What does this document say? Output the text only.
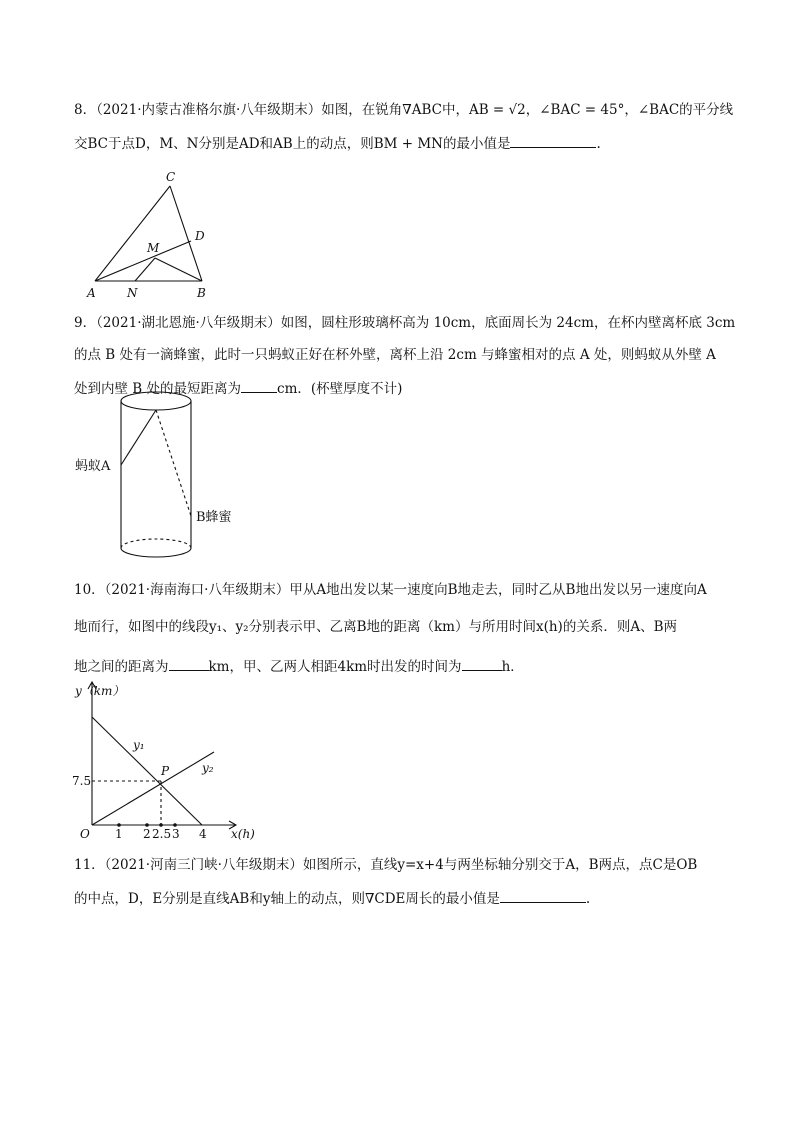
8．（2021·内蒙古准格尔旗·八年级期末）如图，在锐角∇ABC中，AB = √2，∠BAC = 45°，∠BAC的平分线
交BC于点D，M、N分别是AD和AB上的动点，则BM + MN的最小值是	.
C
D
M
A	N	B
9．（2021·湖北恩施·八年级期末）如图，圆柱形玻璃杯高为 10cm，底面周长为 24cm，在杯内壁离杯底 3cm
的点 B 处有一滴蜂蜜，此时一只蚂蚁正好在杯外壁，离杯上沿 2cm 与蜂蜜相对的点 A 处，则蚂蚁从外壁 A
处到内壁 B 处的最短距离为	cm．(杯壁厚度不计)
蚂蚁A
B蜂蜜
10．（2021·海南海口·八年级期末）甲从A地出发以某一速度向B地走去，同时乙从B地出发以另一速度向A
地而行，如图中的线段y₁、y₂分别表示甲、乙离B地的距离（km）与所用时间x(h)的关系．则A、B两
地之间的距离为	km，甲、乙两人相距4km时出发的时间为	h．
y（km）
x(h)
O
7.5
1 2 2.5 3 4
y₁
y₂
P
11．（2021·河南三门峡·八年级期末）如图所示，直线y=x+4与两坐标轴分别交于A，B两点，点C是OB
的中点，D，E分别是直线AB和y轴上的动点，则∇CDE周长的最小值是	.
